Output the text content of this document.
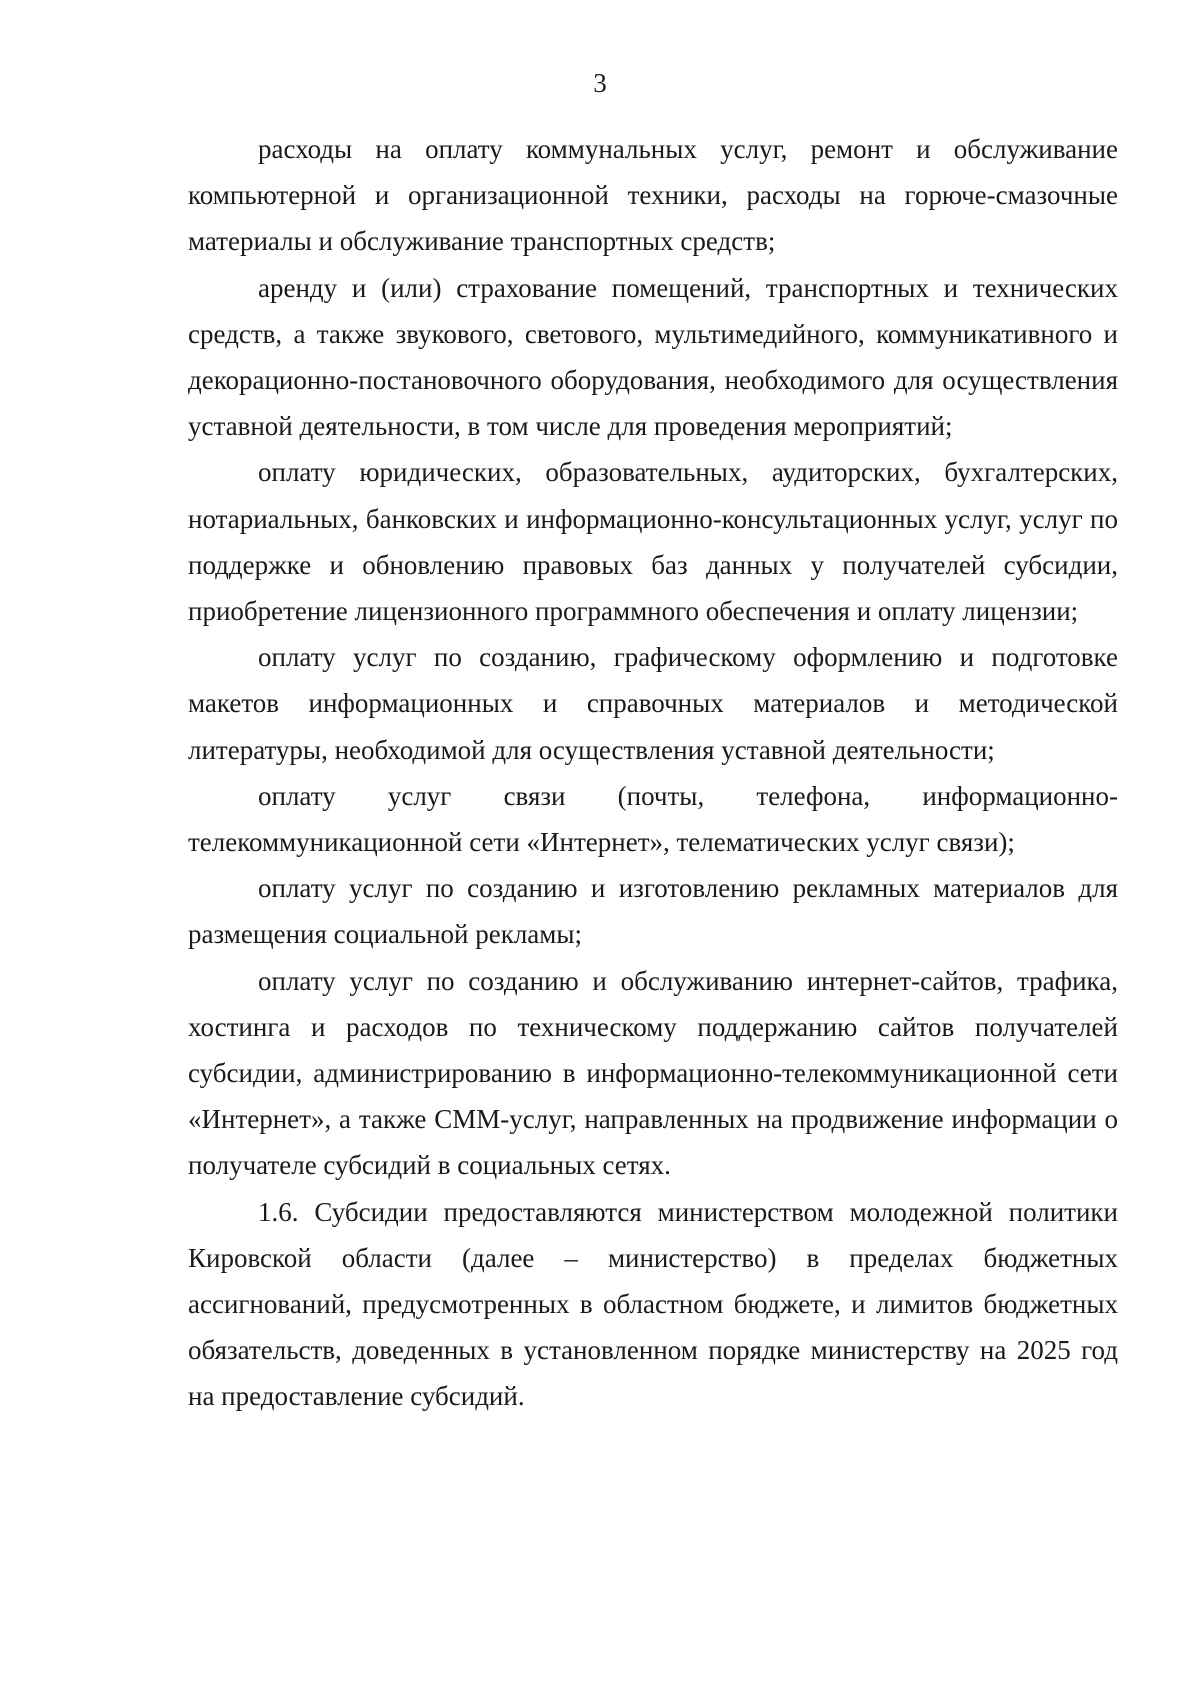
3

расходы на оплату коммунальных услуг, ремонт и обслуживание компьютерной и организационной техники, расходы на горюче-смазочные материалы и обслуживание транспортных средств;

аренду и (или) страхование помещений, транспортных и технических средств, а также звукового, светового, мультимедийного, коммуникативного и декорационно-постановочного оборудования, необходимого для осуществления уставной деятельности, в том числе для проведения мероприятий;

оплату юридических, образовательных, аудиторских, бухгалтерских, нотариальных, банковских и информационно-консультационных услуг, услуг по поддержке и обновлению правовых баз данных у получателей субсидии, приобретение лицензионного программного обеспечения и оплату лицензии;

оплату услуг по созданию, графическому оформлению и подготовке макетов информационных и справочных материалов и методической литературы, необходимой для осуществления уставной деятельности;

оплату услуг связи (почты, телефона, информационно-телекоммуникационной сети «Интернет», телематических услуг связи);

оплату услуг по созданию и изготовлению рекламных материалов для размещения социальной рекламы;

оплату услуг по созданию и обслуживанию интернет-сайтов, трафика, хостинга и расходов по техническому поддержанию сайтов получателей субсидии, администрированию в информационно-телекоммуникационной сети «Интернет», а также СММ-услуг, направленных на продвижение информации о получателе субсидий в социальных сетях.

1.6. Субсидии предоставляются министерством молодежной политики Кировской области (далее – министерство) в пределах бюджетных ассигнований, предусмотренных в областном бюджете, и лимитов бюджетных обязательств, доведенных в установленном порядке министерству на 2025 год на предоставление субсидий.
